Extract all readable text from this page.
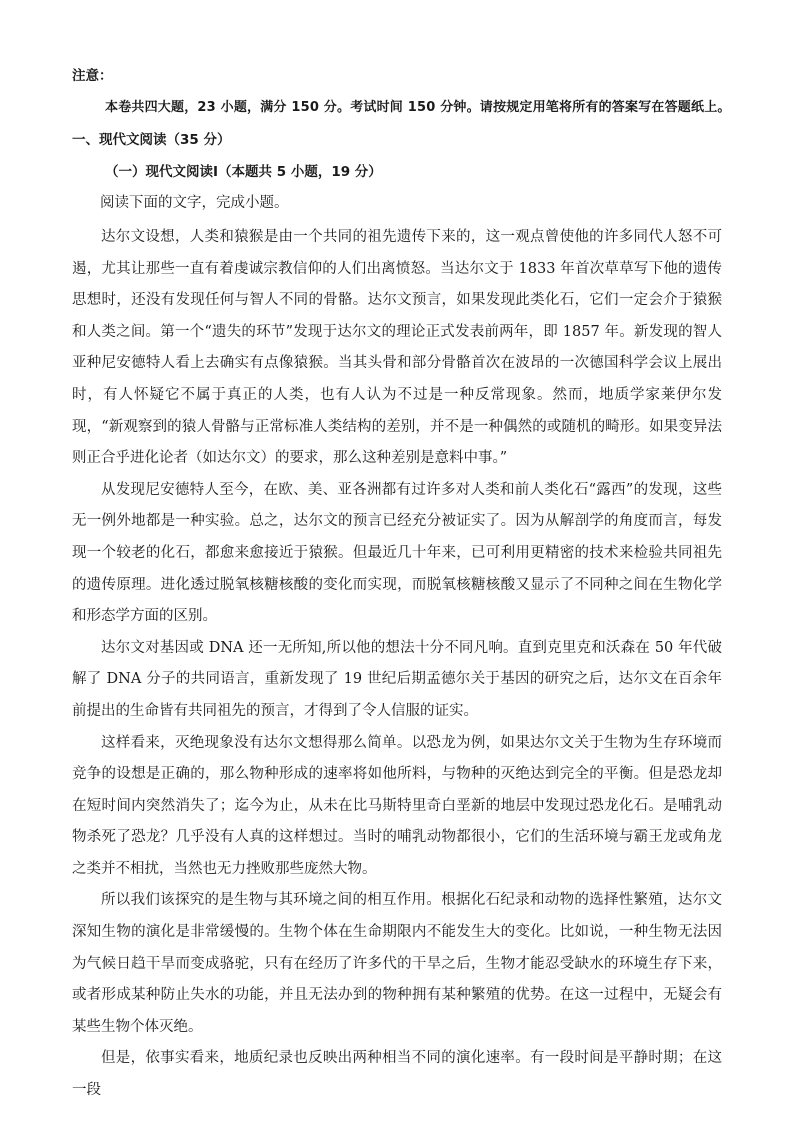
注意：
本卷共四大题，23 小题，满分 150 分。考试时间 150 分钟。请按规定用笔将所有的答案写在答题纸上。
一、现代文阅读（35 分）
（一）现代文阅读Ⅰ（本题共 5 小题，19 分）
阅读下面的文字，完成小题。

达尔文设想，人类和猿猴是由一个共同的祖先遗传下来的，这一观点曾使他的许多同代人怒不可遏，尤其让那些一直有着虔诚宗教信仰的人们出离愤怒。当达尔文于 1833 年首次草草写下他的遗传思想时，还没有发现任何与智人不同的骨骼。达尔文预言，如果发现此类化石，它们一定会介于猿猴和人类之间。第一个“遗失的环节”发现于达尔文的理论正式发表前两年，即 1857 年。新发现的智人亚种尼安德特人看上去确实有点像猿猴。当其头骨和部分骨骼首次在波昂的一次德国科学会议上展出时，有人怀疑它不属于真正的人类，也有人认为不过是一种反常现象。然而，地质学家莱伊尔发现，“新观察到的猿人骨骼与正常标准人类结构的差别，并不是一种偶然的或随机的畸形。如果变异法则正合乎进化论者（如达尔文）的要求，那么这种差别是意料中事。”

从发现尼安德特人至今，在欧、美、亚各洲都有过许多对人类和前人类化石“露西”的发现，这些无一例外地都是一种实验。总之，达尔文的预言已经充分被证实了。因为从解剖学的角度而言，每发现一个较老的化石，都愈来愈接近于猿猴。但最近几十年来，已可利用更精密的技术来检验共同祖先的遗传原理。进化透过脱氧核糖核酸的变化而实现，而脱氧核糖核酸又显示了不同种之间在生物化学和形态学方面的区别。

达尔文对基因或 DNA 还一无所知,所以他的想法十分不同凡响。直到克里克和沃森在 50 年代破解了 DNA 分子的共同语言，重新发现了 19 世纪后期孟德尔关于基因的研究之后，达尔文在百余年前提出的生命皆有共同祖先的预言，才得到了令人信服的证实。

这样看来，灭绝现象没有达尔文想得那么简单。以恐龙为例，如果达尔文关于生物为生存环境而竞争的设想是正确的，那么物种形成的速率将如他所料，与物种的灭绝达到完全的平衡。但是恐龙却在短时间内突然消失了；迄今为止，从未在比马斯特里奇白垩新的地层中发现过恐龙化石。是哺乳动物杀死了恐龙？几乎没有人真的这样想过。当时的哺乳动物都很小，它们的生活环境与霸王龙或角龙之类并不相扰，当然也无力挫败那些庞然大物。

所以我们该探究的是生物与其环境之间的相互作用。根据化石纪录和动物的选择性繁殖，达尔文深知生物的演化是非常缓慢的。生物个体在生命期限内不能发生大的变化。比如说，一种生物无法因为气候日趋干旱而变成骆驼，只有在经历了许多代的干旱之后，生物才能忍受缺水的环境生存下来，或者形成某种防止失水的功能，并且无法办到的物种拥有某种繁殖的优势。在这一过程中，无疑会有某些生物个体灭绝。

但是，依事实看来，地质纪录也反映出两种相当不同的演化速率。有一段时间是平静时期；在这一段
